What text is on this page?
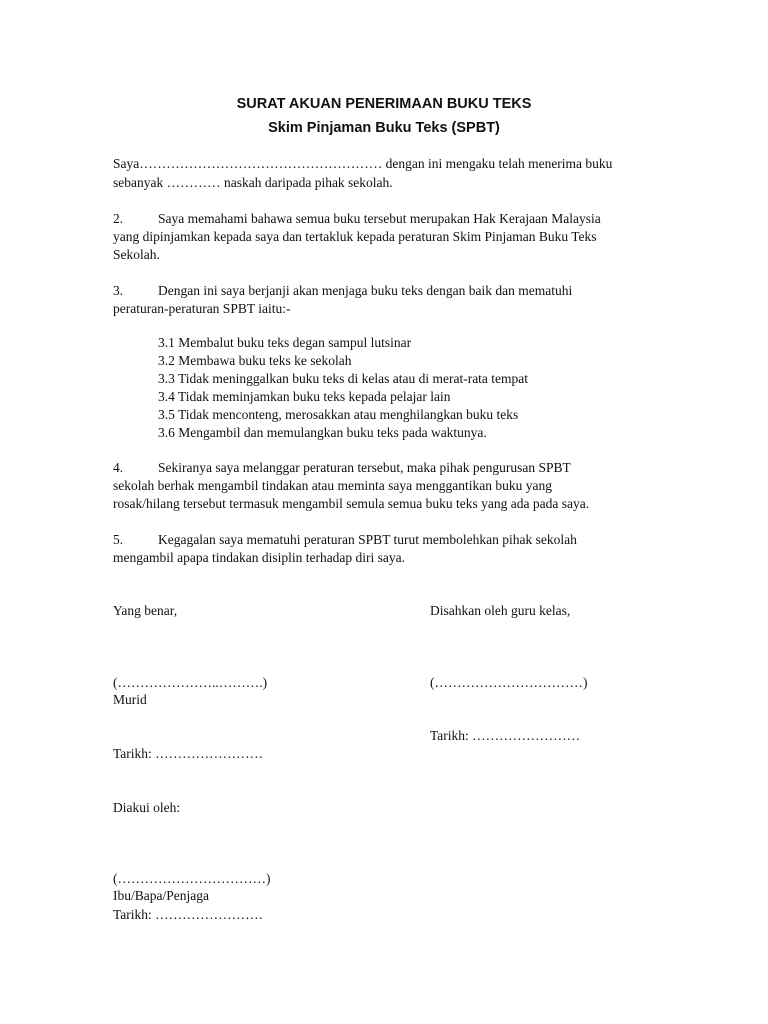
SURAT AKUAN PENERIMAAN BUKU TEKS
Skim Pinjaman Buku Teks (SPBT)
Saya……………………………………………… dengan ini mengaku telah menerima buku
sebanyak ………… naskah daripada pihak sekolah.
2.	Saya memahami bahawa semua buku tersebut merupakan Hak Kerajaan Malaysia
yang dipinjamkan kepada saya dan tertakluk kepada peraturan Skim Pinjaman Buku Teks
Sekolah.
3.	Dengan ini saya berjanji akan menjaga buku teks dengan baik dan mematuhi
peraturan-peraturan SPBT iaitu:-
3.1 Membalut buku teks degan sampul lutsinar
3.2 Membawa buku teks ke sekolah
3.3 Tidak meninggalkan buku teks di kelas atau di merat-rata tempat
3.4 Tidak meminjamkan buku teks kepada pelajar lain
3.5 Tidak menconteng, merosakkan atau menghilangkan buku teks
3.6 Mengambil dan memulangkan buku teks pada waktunya.
4.	Sekiranya saya melanggar peraturan tersebut, maka pihak pengurusan SPBT
sekolah berhak mengambil tindakan atau meminta saya menggantikan buku yang
rosak/hilang tersebut termasuk mengambil semula semua buku teks yang ada pada saya.
5.	Kegagalan saya mematuhi peraturan SPBT turut membolehkan pihak sekolah
mengambil apapa tindakan disiplin terhadap diri saya.
Yang benar,	Disahkan oleh guru kelas,
(…………………..……….)	(……………………………)
Murid
Tarikh: ……………………
Tarikh: ……………………
Diakui oleh:
(……………………………)
Ibu/Bapa/Penjaga
Tarikh: ……………………
